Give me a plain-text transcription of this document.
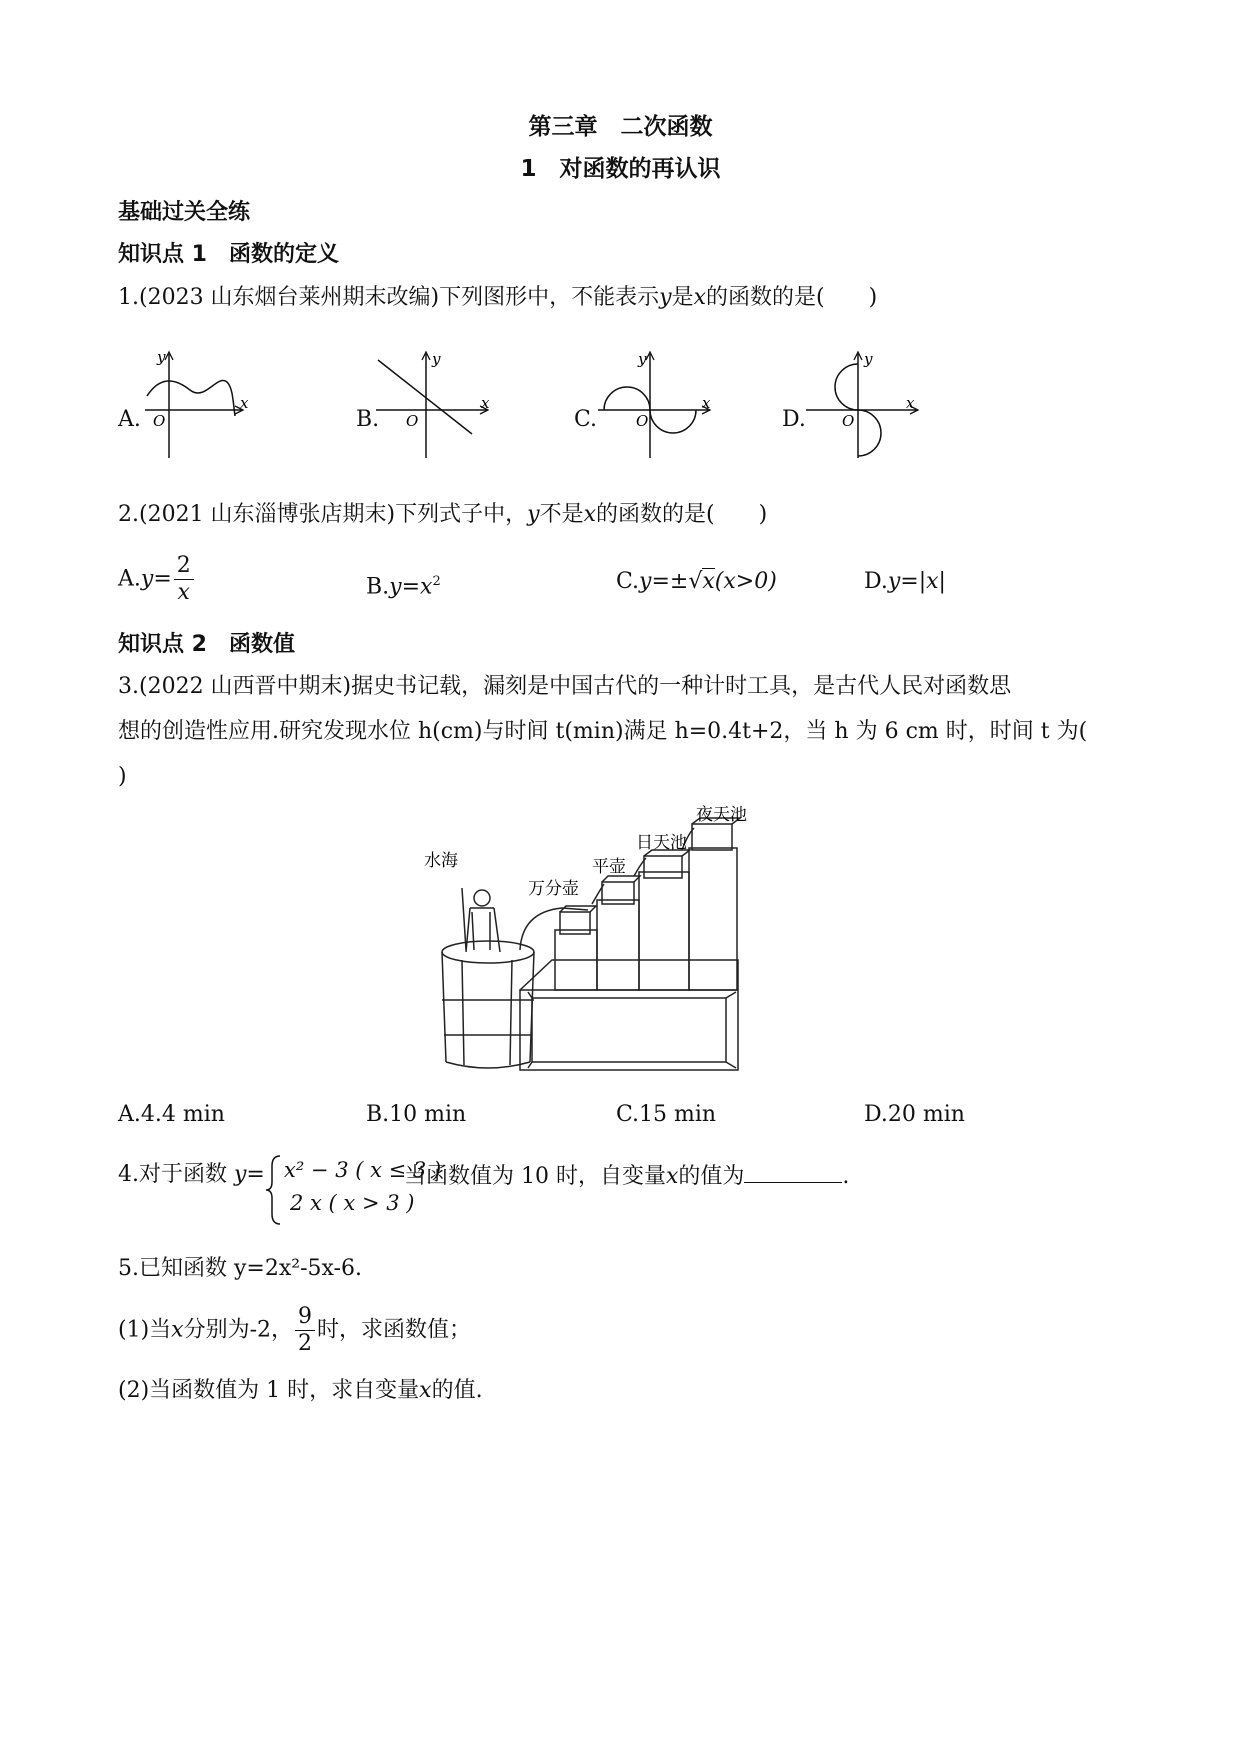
第三章　二次函数
1　对函数的再认识
基础过关全练
知识点 1　函数的定义
1.(2023 山东烟台莱州期末改编)下列图形中，不能表示y是x的函数的是(　　)
A.	B.	C.	D.
y
x
O
y
x
O
y
x
O
y
x
O
2.(2021 山东淄博张店期末)下列式子中，y不是x的函数的是(　　)
$A.y= \frac{2}{x}$	$B.y=x^2$	C.y=±√x(x>0)	D.y=|x|
知识点 2　函数值
3.(2022 山西晋中期末)据史书记载，漏刻是中国古代的一种计时工具，是古代人民对函数思
想的创造性应用.研究发现水位 h(cm)与时间 t(min)满足 h=0.4t+2，当 h 为 6 cm 时，时间 t 为(
)
水海
万分壶
平壶
日天池
夜天池
A.4.4 min	B.10 min	C.15 min	D.20 min
4.对于函数 y= x² − 3 ( x ≤ 3 )
2 x ( x > 3 )
当函数值为 10 时，自变量x的值为	.
5.已知函数 y=2x²-5x-6.
(1)当x分别为-2， $\frac{9}{2}$ 时，求函数值；
(2)当函数值为 1 时，求自变量x的值.
